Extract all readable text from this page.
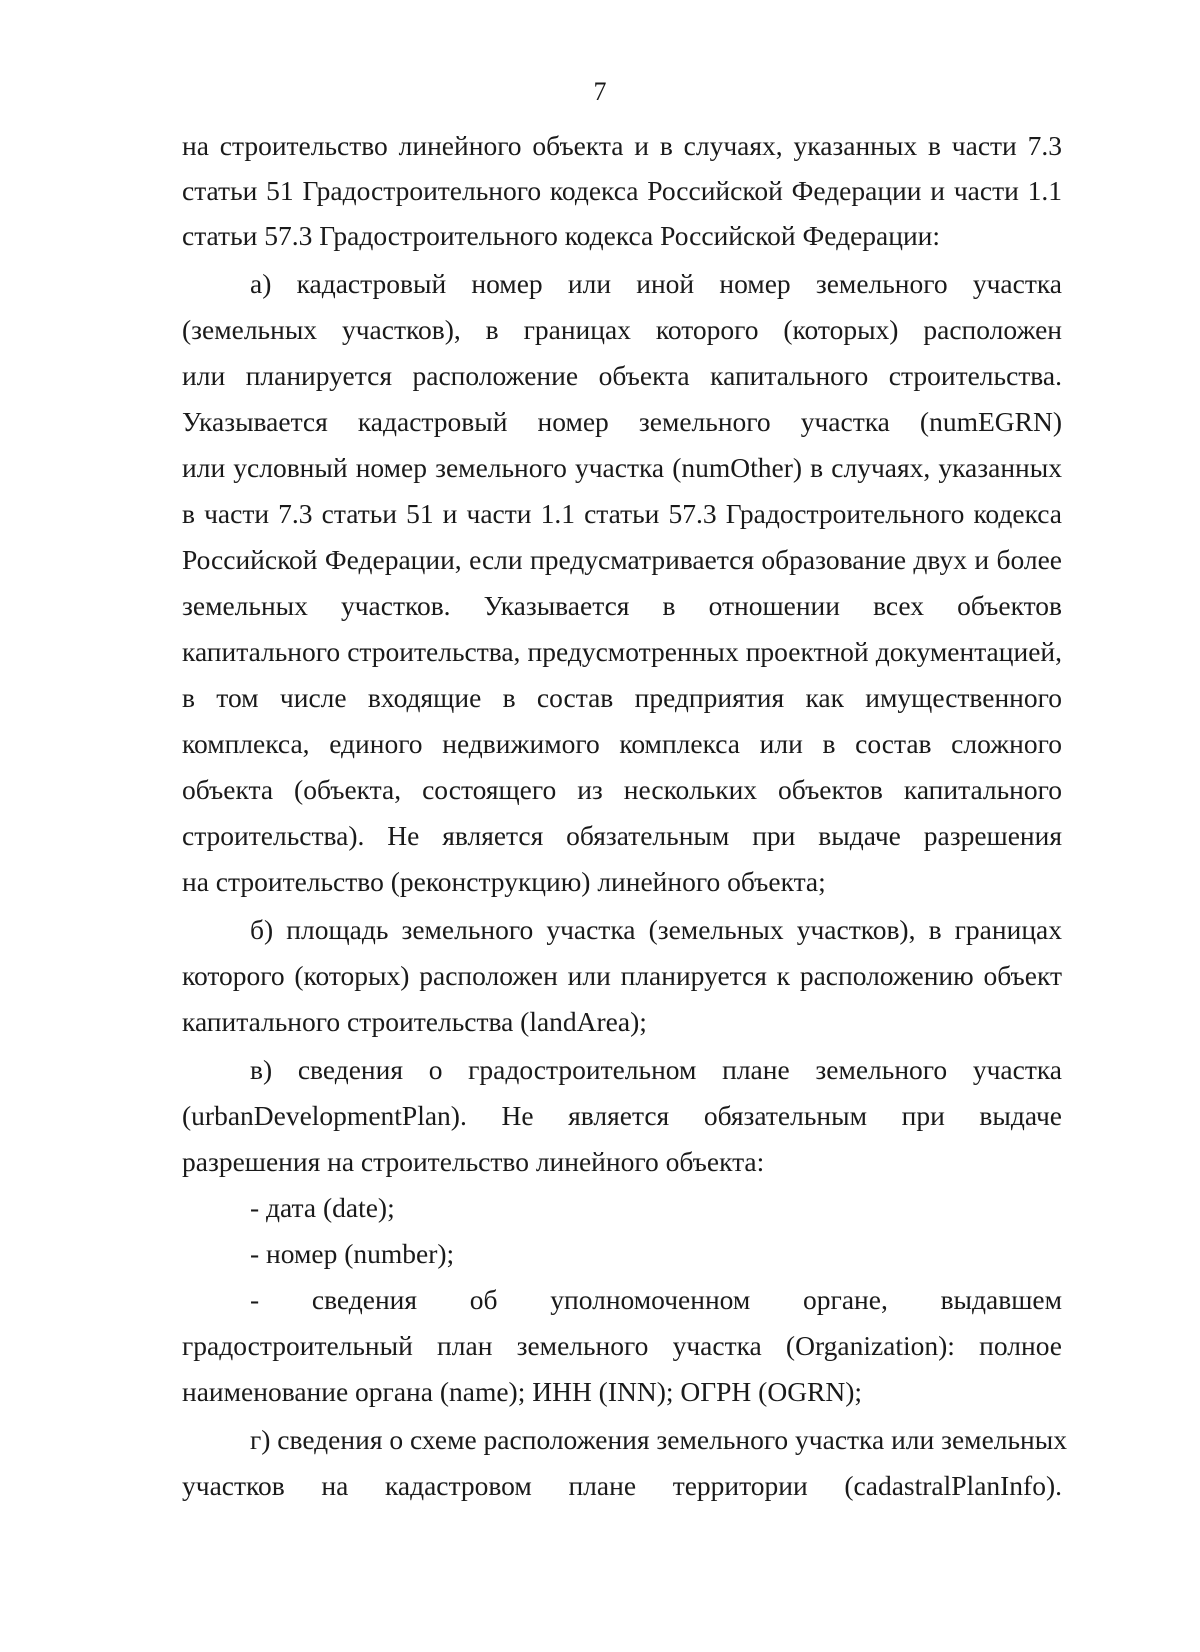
7
на строительство линейного объекта и в случаях, указанных в части 7.3
статьи 51 Градостроительного кодекса Российской Федерации и части 1.1
статьи 57.3 Градостроительного кодекса Российской Федерации:
а) кадастровый номер или иной номер земельного участка
(земельных участков), в границах которого (которых) расположен
или планируется расположение объекта капитального строительства.
Указывается кадастровый номер земельного участка (numEGRN)
или условный номер земельного участка (numOther) в случаях, указанных
в части 7.3 статьи 51 и части 1.1 статьи 57.3 Градостроительного кодекса
Российской Федерации, если предусматривается образование двух и более
земельных участков. Указывается в отношении всех объектов
капитального строительства, предусмотренных проектной документацией,
в том числе входящие в состав предприятия как имущественного
комплекса, единого недвижимого комплекса или в состав сложного
объекта (объекта, состоящего из нескольких объектов капитального
строительства). Не является обязательным при выдаче разрешения
на строительство (реконструкцию) линейного объекта;
б) площадь земельного участка (земельных участков), в границах
которого (которых) расположен или планируется к расположению объект
капитального строительства (landArea);
в) сведения о градостроительном плане земельного участка
(urbanDevelopmentPlan). Не является обязательным при выдаче
разрешения на строительство линейного объекта:
- дата (date);
- номер (number);
- сведения об уполномоченном органе, выдавшем
градостроительный план земельного участка (Organization): полное
наименование органа (name); ИНН (INN); ОГРН (OGRN);
г) сведения о схеме расположения земельного участка или земельных
участков на кадастровом плане территории (cadastralPlanInfo).
